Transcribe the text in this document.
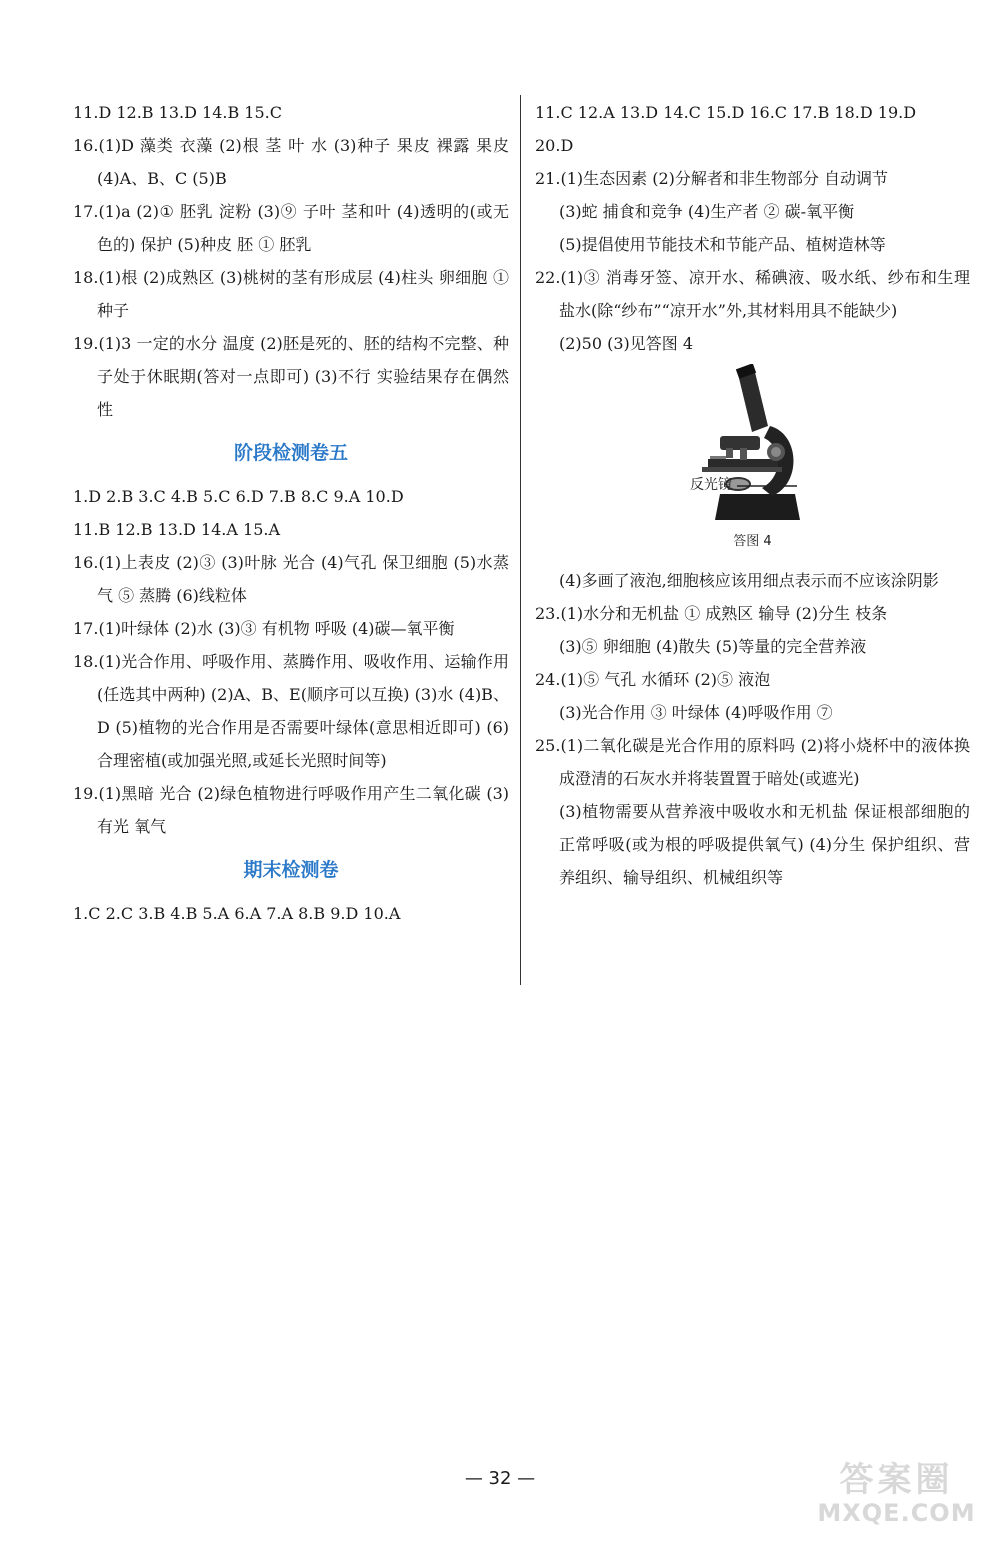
11.D 12.B 13.D 14.B 15.C
16.(1)D 藻类 衣藻 (2)根 茎 叶 水 (3)种子 果皮 裸露 果皮 (4)A、B、C (5)B
17.(1)a (2)① 胚乳 淀粉 (3)⑨ 子叶 茎和叶 (4)透明的(或无色的) 保护 (5)种皮 胚 ① 胚乳
18.(1)根 (2)成熟区 (3)桃树的茎有形成层 (4)柱头 卵细胞 ① 种子
19.(1)3 一定的水分 温度 (2)胚是死的、胚的结构不完整、种子处于休眠期(答对一点即可) (3)不行 实验结果存在偶然性
阶段检测卷五
1.D 2.B 3.C 4.B 5.C 6.D 7.B 8.C 9.A 10.D
11.B 12.B 13.D 14.A 15.A
16.(1)上表皮 (2)③ (3)叶脉 光合 (4)气孔 保卫细胞 (5)水蒸气 ⑤ 蒸腾 (6)线粒体
17.(1)叶绿体 (2)水 (3)③ 有机物 呼吸 (4)碳—氧平衡
18.(1)光合作用、呼吸作用、蒸腾作用、吸收作用、运输作用(任选其中两种) (2)A、B、E(顺序可以互换) (3)水 (4)B、D (5)植物的光合作用是否需要叶绿体(意思相近即可) (6)合理密植(或加强光照,或延长光照时间等)
19.(1)黑暗 光合 (2)绿色植物进行呼吸作用产生二氧化碳 (3)有光 氧气
期末检测卷
1.C 2.C 3.B 4.B 5.A 6.A 7.A 8.B 9.D 10.A
11.C 12.A 13.D 14.C 15.D 16.C 17.B 18.D 19.D
20.D
21.(1)生态因素 (2)分解者和非生物部分 自动调节
(3)蛇 捕食和竞争 (4)生产者 ② 碳-氧平衡
(5)提倡使用节能技术和节能产品、植树造林等
22.(1)③ 消毒牙签、凉开水、稀碘液、吸水纸、纱布和生理盐水(除“纱布”“凉开水”外,其材料用具不能缺少)
(2)50 (3)见答图 4
反光镜
答图 4
(4)多画了液泡,细胞核应该用细点表示而不应该涂阴影
23.(1)水分和无机盐 ① 成熟区 输导 (2)分生 枝条
(3)⑤ 卵细胞 (4)散失 (5)等量的完全营养液
24.(1)⑤ 气孔 水循环 (2)⑤ 液泡
(3)光合作用 ③ 叶绿体 (4)呼吸作用 ⑦
25.(1)二氧化碳是光合作用的原料吗 (2)将小烧杯中的液体换成澄清的石灰水并将装置置于暗处(或遮光)
(3)植物需要从营养液中吸收水和无机盐 保证根部细胞的正常呼吸(或为根的呼吸提供氧气) (4)分生 保护组织、营养组织、输导组织、机械组织等
— 32 —	答案圈
MXQE.COM
